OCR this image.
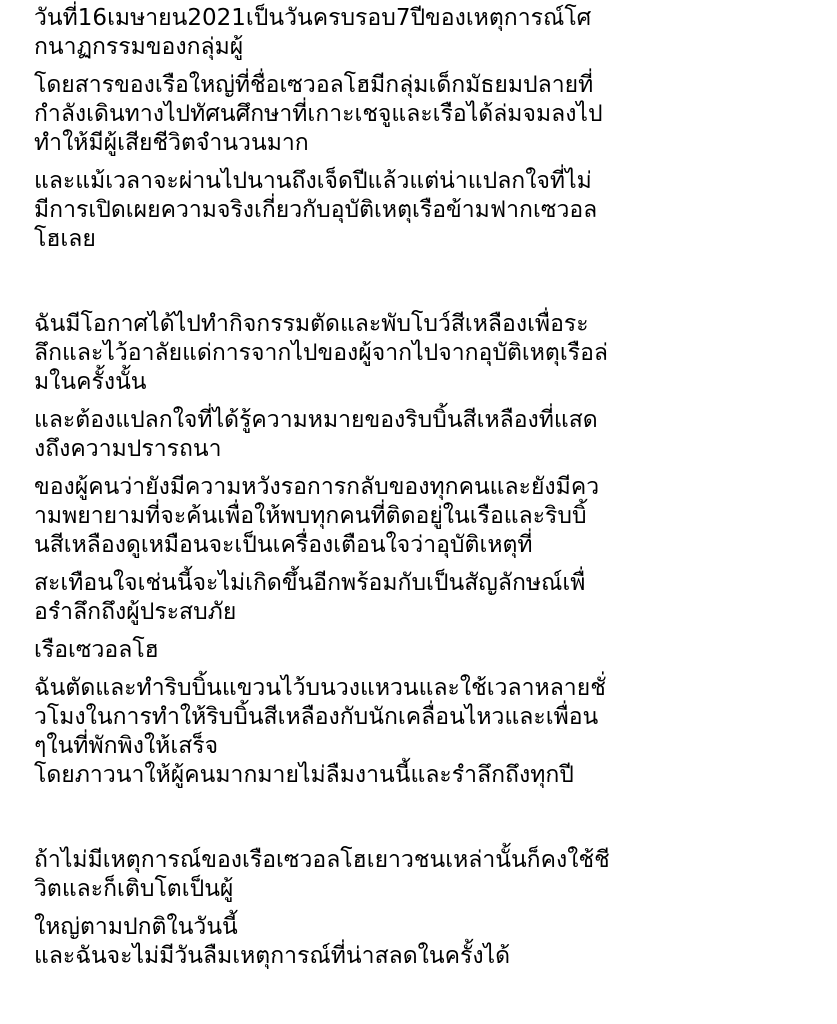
วันที่16เมษายน2021เป็นวันครบรอบ7ปีของเหตุการณ์โศ
กนาฏกรรมของกลุ่มผู้
โดยสารของเรือใหญ่ที่ชื่อเซวอลโฮมีกลุ่มเด็กมัธยมปลายที่
กำลังเดินทางไปทัศนศึกษาที่เกาะเชจูและเรือได้ล่มจมลงไป
ทำให้มีผู้เสียชีวิตจำนวนมาก
และแม้เวลาจะผ่านไปนานถึงเจ็ดปีแล้วแต่น่าแปลกใจที่ไม่
มีการเปิดเผยความจริงเกี่ยวกับอุบัติเหตุเรือข้ามฟากเซวอล
โฮเลย
ฉันมีโอกาศได้ไปทำกิจกรรมตัดและพับโบว์สีเหลืองเพื่อระ
ลึกและไว้อาลัยแด่การจากไปของผู้จากไปจากอุบัติเหตุเรือล่
มในครั้งนั้น
และต้องแปลกใจที่ได้รู้ความหมายของริบบิ้นสีเหลืองที่แสด
งถึงความปรารถนา
ของผู้คนว่ายังมีความหวังรอการกลับของทุกคนและยังมีคว
ามพยายามที่จะค้นเพื่อให้พบทุกคนที่ติดอยู่ในเรือและริบบิ้
นสีเหลืองดูเหมือนจะเป็นเครื่องเตือนใจว่าอุบัติเหตุที่
สะเทือนใจเช่นนี้จะไม่เกิดขึ้นอีกพร้อมกับเป็นสัญลักษณ์เพื่
อรำลึกถึงผู้ประสบภัย
เรือเซวอลโฮ
ฉันตัดและทำริบบิ้นแขวนไว้บนวงแหวนและใช้เวลาหลายชั่
วโมงในการทำให้ริบบิ้นสีเหลืองกับนักเคลื่อนไหวและเพื่อน
ๆในที่พักพิงให้เสร็จ
โดยภาวนาให้ผู้คนมากมายไม่ลืมงานนี้และรำลึกถึงทุกปี
ถ้าไม่มีเหตุการณ์ของเรือเซวอลโฮเยาวชนเหล่านั้นก็คงใช้ชี
วิตและก็เติบโตเป็นผู้
ใหญ่ตามปกติในวันนี้
และฉันจะไม่มีวันลืมเหตุการณ์ที่น่าสลดในครั้งได้
